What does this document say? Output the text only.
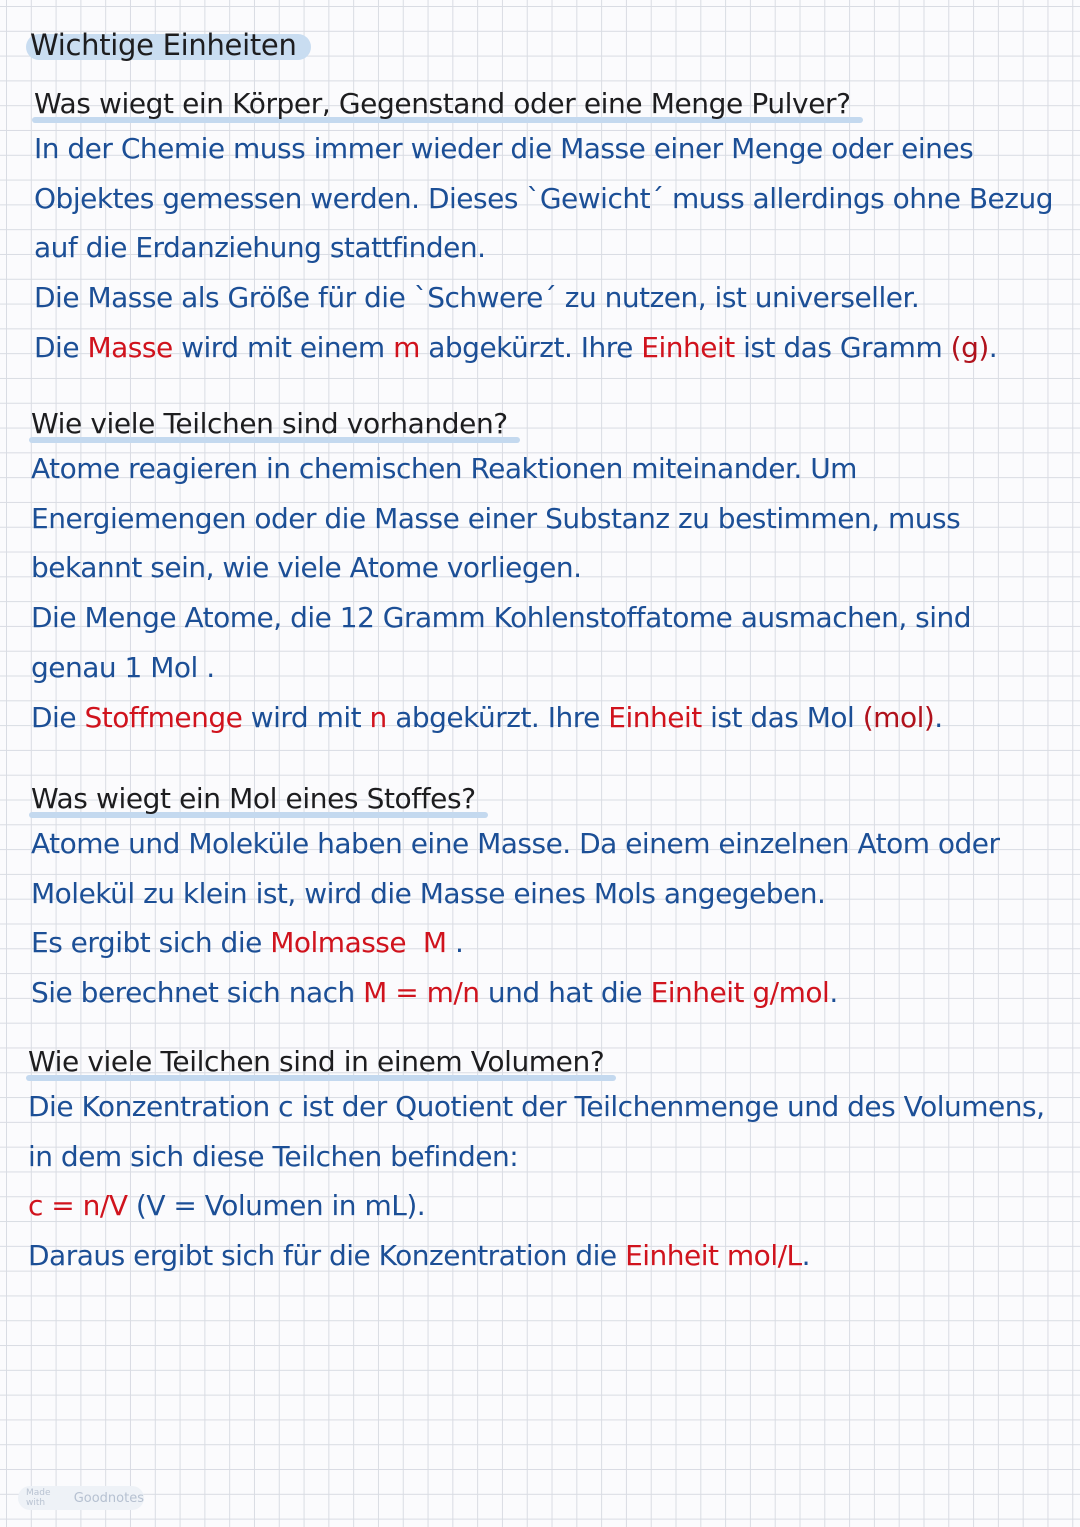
Wichtige Einheiten
Was wiegt ein Körper, Gegenstand oder eine Menge Pulver?
In der Chemie muss immer wieder die Masse einer Menge oder eines
Objektes gemessen werden. Dieses `Gewicht´ muss allerdings ohne Bezug
auf die Erdanziehung stattfinden.
Die Masse als Größe für die `Schwere´ zu nutzen, ist universeller.
Die Masse wird mit einem m abgekürzt. Ihre Einheit ist das Gramm (g).
Wie viele Teilchen sind vorhanden?
Atome reagieren in chemischen Reaktionen miteinander. Um
Energiemengen oder die Masse einer Substanz zu bestimmen, muss
bekannt sein, wie viele Atome vorliegen.
Die Menge Atome, die 12 Gramm Kohlenstoffatome ausmachen, sind
genau 1 Mol .
Die Stoffmenge wird mit n abgekürzt. Ihre Einheit ist das Mol (mol).
Was wiegt ein Mol eines Stoffes?
Atome und Moleküle haben eine Masse. Da einem einzelnen Atom oder
Molekül zu klein ist, wird die Masse eines Mols angegeben.
Es ergibt sich die Molmasse  M .
Sie berechnet sich nach M = m/n und hat die Einheit g/mol.
Wie viele Teilchen sind in einem Volumen?
Die Konzentration c ist der Quotient der Teilchenmenge und des Volumens,
in dem sich diese Teilchen befinden:
c = n/V (V = Volumen in mL).
Daraus ergibt sich für die Konzentration die Einheit mol/L.
Made with	Goodnotes
